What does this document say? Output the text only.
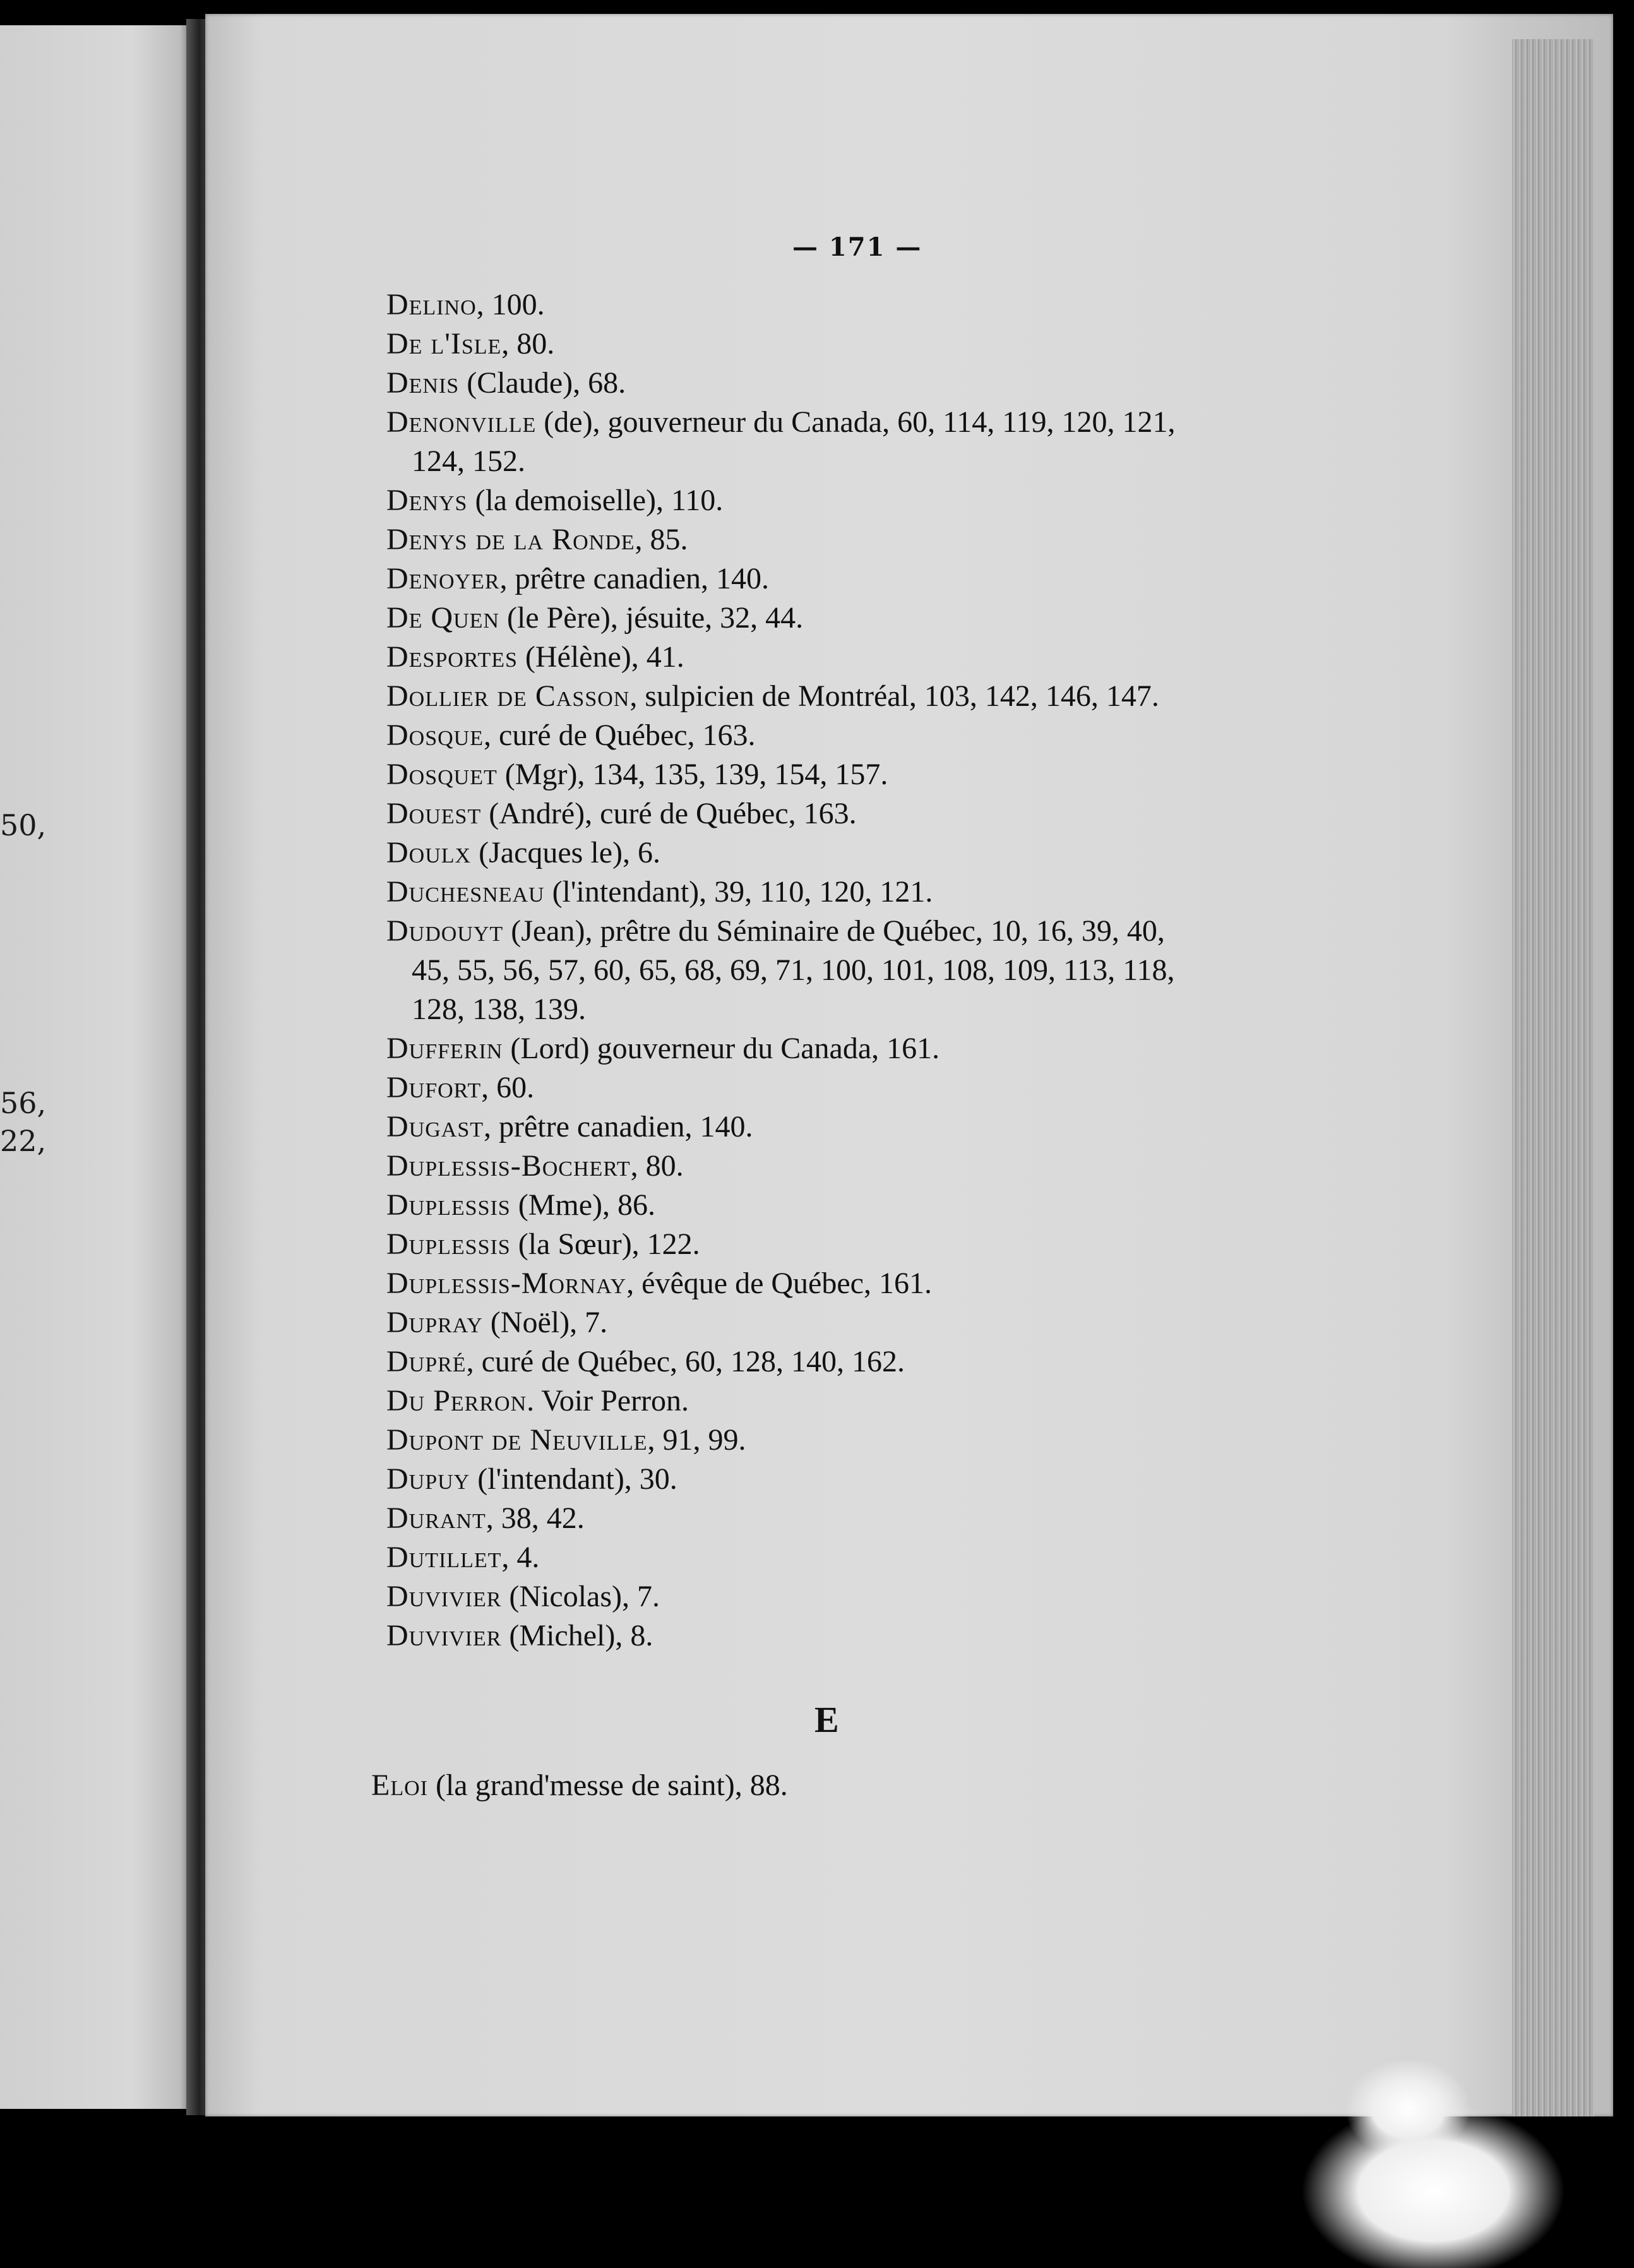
50,
56,
22,
— 171 —
Delino, 100.
De l'Isle, 80.
Denis (Claude), 68.
Denonville (de), gouverneur du Canada, 60, 114, 119, 120, 121,
124, 152.
Denys (la demoiselle), 110.
Denys de la Ronde, 85.
Denoyer, prêtre canadien, 140.
De Quen (le Père), jésuite, 32, 44.
Desportes (Hélène), 41.
Dollier de Casson, sulpicien de Montréal, 103, 142, 146, 147.
Dosque, curé de Québec, 163.
Dosquet (Mgr), 134, 135, 139, 154, 157.
Douest (André), curé de Québec, 163.
Doulx (Jacques le), 6.
Duchesneau (l'intendant), 39, 110, 120, 121.
Dudouyt (Jean), prêtre du Séminaire de Québec, 10, 16, 39, 40,
45, 55, 56, 57, 60, 65, 68, 69, 71, 100, 101, 108, 109, 113, 118,
128, 138, 139.
Dufferin (Lord) gouverneur du Canada, 161.
Dufort, 60.
Dugast, prêtre canadien, 140.
Duplessis-Bochert, 80.
Duplessis (Mme), 86.
Duplessis (la Sœur), 122.
Duplessis-Mornay, évêque de Québec, 161.
Dupray (Noël), 7.
Dupré, curé de Québec, 60, 128, 140, 162.
Du Perron. Voir Perron.
Dupont de Neuville, 91, 99.
Dupuy (l'intendant), 30.
Durant, 38, 42.
Dutillet, 4.
Duvivier (Nicolas), 7.
Duvivier (Michel), 8.
E
Eloi (la grand'messe de saint), 88.
